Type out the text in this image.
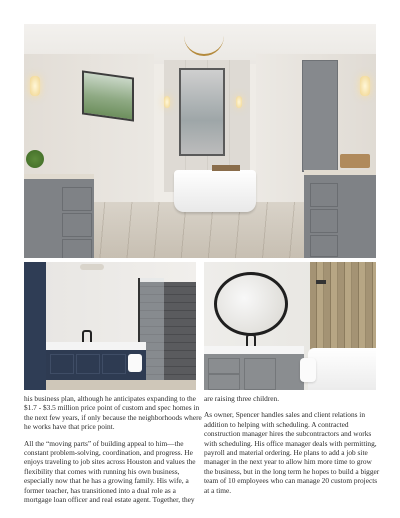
his business plan, although he anticipates expanding to the $1.7 - $3.5 million price point of custom and spec homes in the next few years, if only because the neighborhoods where he works have that price point.

All the “moving parts” of building appeal to him—the constant problem-solving, coordination, and progress. He enjoys traveling to job sites across Houston and values the flexibility that comes with running his own business, especially now that he has a growing family. His wife, a former teacher, has transitioned into a dual role as a mortgage loan officer and real estate agent. Together, they

are raising three children.

As owner, Spencer handles sales and client relations in addition to helping with scheduling. A contracted construction manager hires the subcontractors and works with scheduling. His office manager deals with permitting, payroll and material ordering. He plans to add a job site manager in the next year to allow him more time to grow the business, but in the long term he hopes to build a bigger team of 10 employees who can manage 20 custom projects at a time.
